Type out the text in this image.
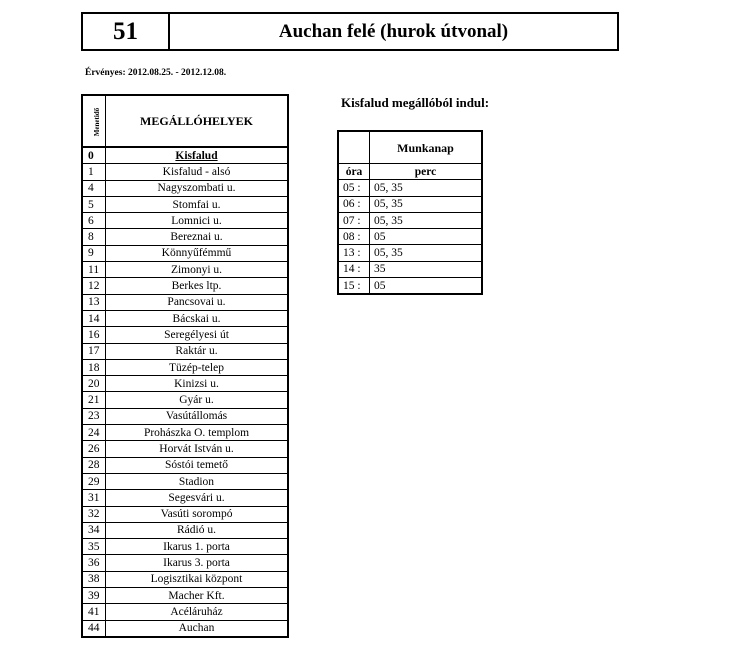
51	Auchan felé (hurok útvonal)
Érvényes: 2012.08.25. - 2012.12.08.
Menetidő	MEGÁLLÓHELYEK
0	Kisfalud
1	Kisfalud - alsó
4	Nagyszombati u.
5	Stomfai u.
6	Lomnici u.
8	Bereznai u.
9	Könnyűfémmű
11	Zimonyi u.
12	Berkes ltp.
13	Pancsovai u.
14	Bácskai u.
16	Seregélyesi út
17	Raktár u.
18	Tüzép-telep
20	Kinizsi u.
21	Gyár u.
23	Vasútállomás
24	Prohászka O. templom
26	Horvát István u.
28	Sóstói temető
29	Stadion
31	Segesvári u.
32	Vasúti sorompó
34	Rádió u.
35	Ikarus 1. porta
36	Ikarus 3. porta
38	Logisztikai központ
39	Macher Kft.
41	Acéláruház
44	Auchan
Kisfalud megállóból indul:
	Munkanap
óra	perc
05 :	05, 35
06 :	05, 35
07 :	05, 35
08 :	05
13 :	05, 35
14 :	35
15 :	05
